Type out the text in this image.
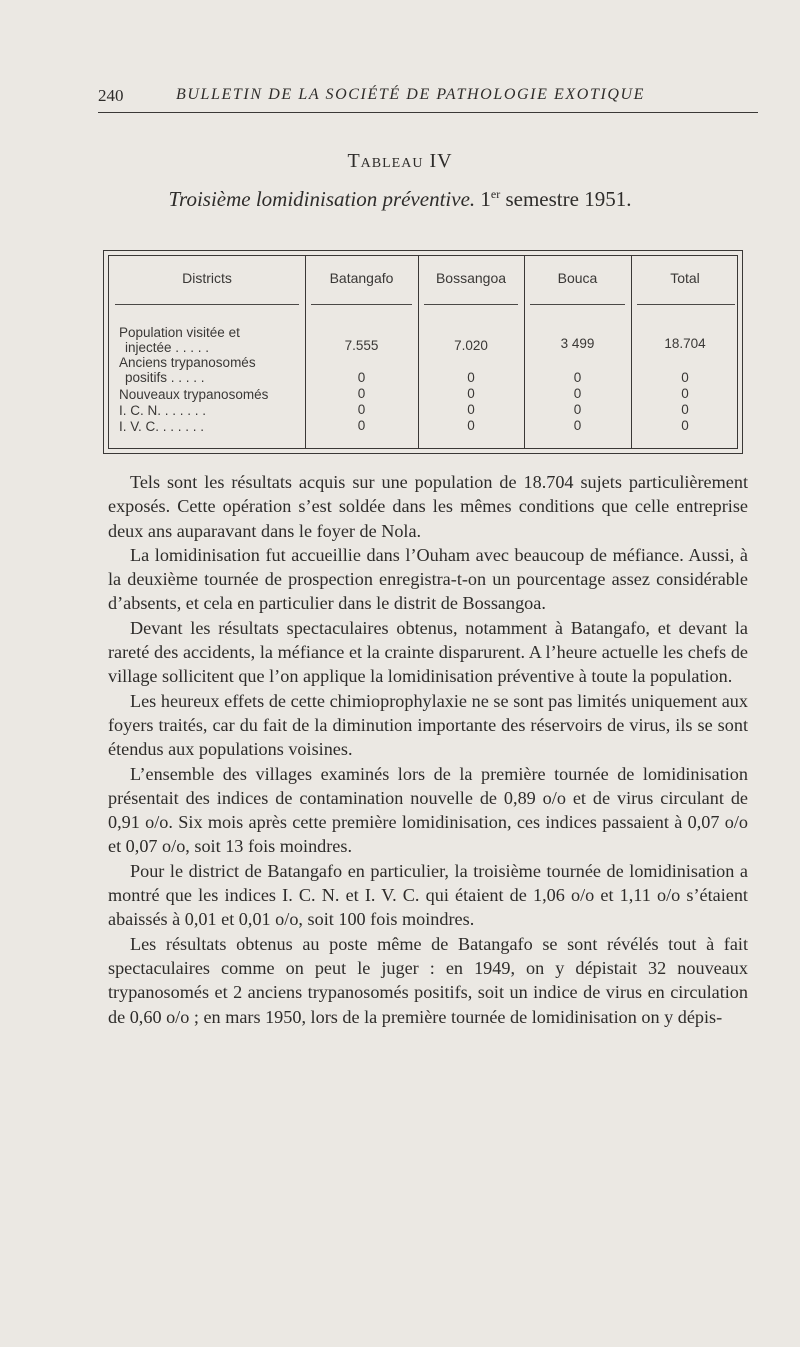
240	BULLETIN DE LA SOCIÉTÉ DE PATHOLOGIE EXOTIQUE
Tableau IV
Troisième lomidinisation préventive. 1er semestre 1951.
Districts	Batangafo	Bossangoa	Bouca	Total
Population visitée et
injectée . . . . .	7.555	7.020	3 499	18.704
Anciens trypanosomés
positifs . . . . .	0	0	0	0
Nouveaux trypanosomés	0	0	0	0
I. C. N. . . . . . .	0	0	0	0
I. V. C. . . . . . .	0	0	0	0

Tels sont les résultats acquis sur une population de 18.704 sujets particulièrement exposés. Cette opération s’est soldée dans les mêmes conditions que celle entreprise deux ans auparavant dans le foyer de Nola.

La lomidinisation fut accueillie dans l’Ouham avec beaucoup de méfiance. Aussi, à la deuxième tournée de prospection enregistra-t-on un pourcentage assez considérable d’absents, et cela en particulier dans le distrit de Bossangoa.

Devant les résultats spectaculaires obtenus, notamment à Batangafo, et devant la rareté des accidents, la méfiance et la crainte disparurent. A l’heure actuelle les chefs de village sollicitent que l’on applique la lomidinisation préventive à toute la population.

Les heureux effets de cette chimioprophylaxie ne se sont pas limités uniquement aux foyers traités, car du fait de la diminution importante des réservoirs de virus, ils se sont étendus aux populations voisines.

L’ensemble des villages examinés lors de la première tournée de lomidinisation présentait des indices de contamination nouvelle de 0,89 o/o et de virus circulant de 0,91 o/o. Six mois après cette première lomidinisation, ces indices passaient à 0,07 o/o et 0,07 o/o, soit 13 fois moindres.

Pour le district de Batangafo en particulier, la troisième tournée de lomidinisation a montré que les indices I. C. N. et I. V. C. qui étaient de 1,06 o/o et 1,11 o/o s’étaient abaissés à 0,01 et 0,01 o/o, soit 100 fois moindres.

Les résultats obtenus au poste même de Batangafo se sont révélés tout à fait spectaculaires comme on peut le juger : en 1949, on y dépistait 32 nouveaux trypanosomés et 2 anciens trypanosomés positifs, soit un indice de virus en circulation de 0,60 o/o ; en mars 1950, lors de la première tournée de lomidinisation on y dépis-
